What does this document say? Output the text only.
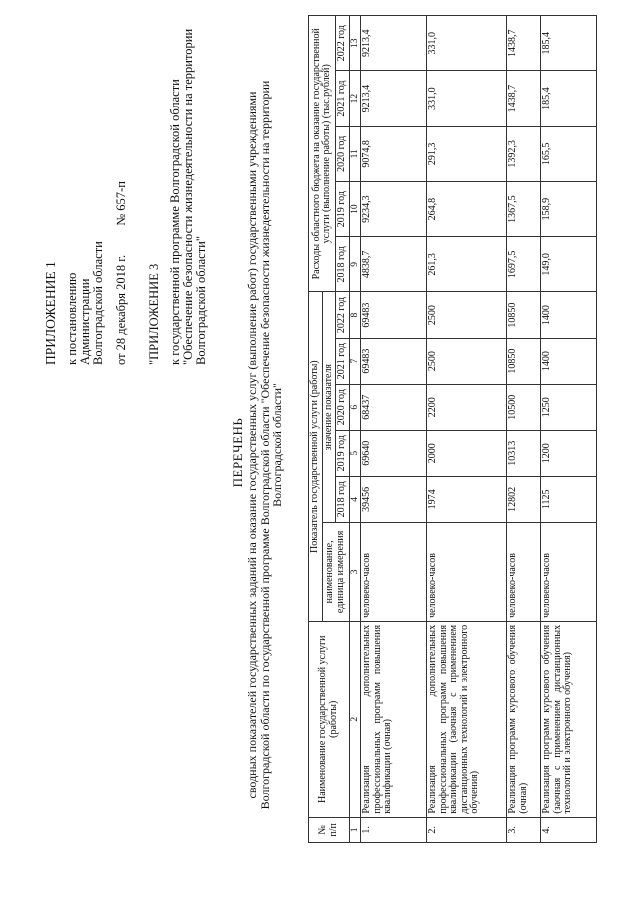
ПРИЛОЖЕНИЕ 1 к постановлению Администрации Волгоградской области от 28 декабря 2018 г. № 657-п
"ПРИЛОЖЕНИЕ 3 к государственной программе Волгоградской области "Обеспечение безопасности жизнедеятельности на территории Волгоградской области"
ПЕРЕЧЕНЬ сводных показателей государственных заданий на оказание государственных услуг (выполнение работ) государственными учреждениями
Волгоградской области по государственной программе Волгоградской области "Обеспечение безопасности жизнедеятельности на территории
Волгоградской области"
№ п/п	Наименование государственной услуги (работы)	Показатель государственной услуги (работы)						Расходы областного бюджета на оказание государственной услуги (выполнение работы) (тыс.рублей)				
		наименование, единица измерения	значение показателя									
			2018 год	2019 год	2020 год	2021 год	2022 год	2018 год	2019 год	2020 год	2021 год	2022 год
1	2	3	4	5	6	7	8	9	10	11	12	13
1.	Реализация дополнительных профессиональных программ повышения квалификации (очная)	человеко-часов	39456	69640	68437	69483	69483	4838,7	9234,3	9074,8	9213,4	9213,4
2.	Реализация дополнительных профессиональных программ повышения квалификации (заочная с применением дистанционных технологий и электронного обучения)	человеко-часов	1974	2000	2200	2500	2500	261,3	264,8	291,3	331,0	331,0
3.	Реализация программ курсового обучения (очная)	человеко-часов	12802	10313	10500	10850	10850	1697,5	1367,5	1392,3	1438,7	1438,7
4.	Реализация программ курсового обучения (заочная с применением дистанционных технологий и электронного обучения)	человеко-часов	1125	1200	1250	1400	1400	149,0	158,9	165,5	185,4	185,4
